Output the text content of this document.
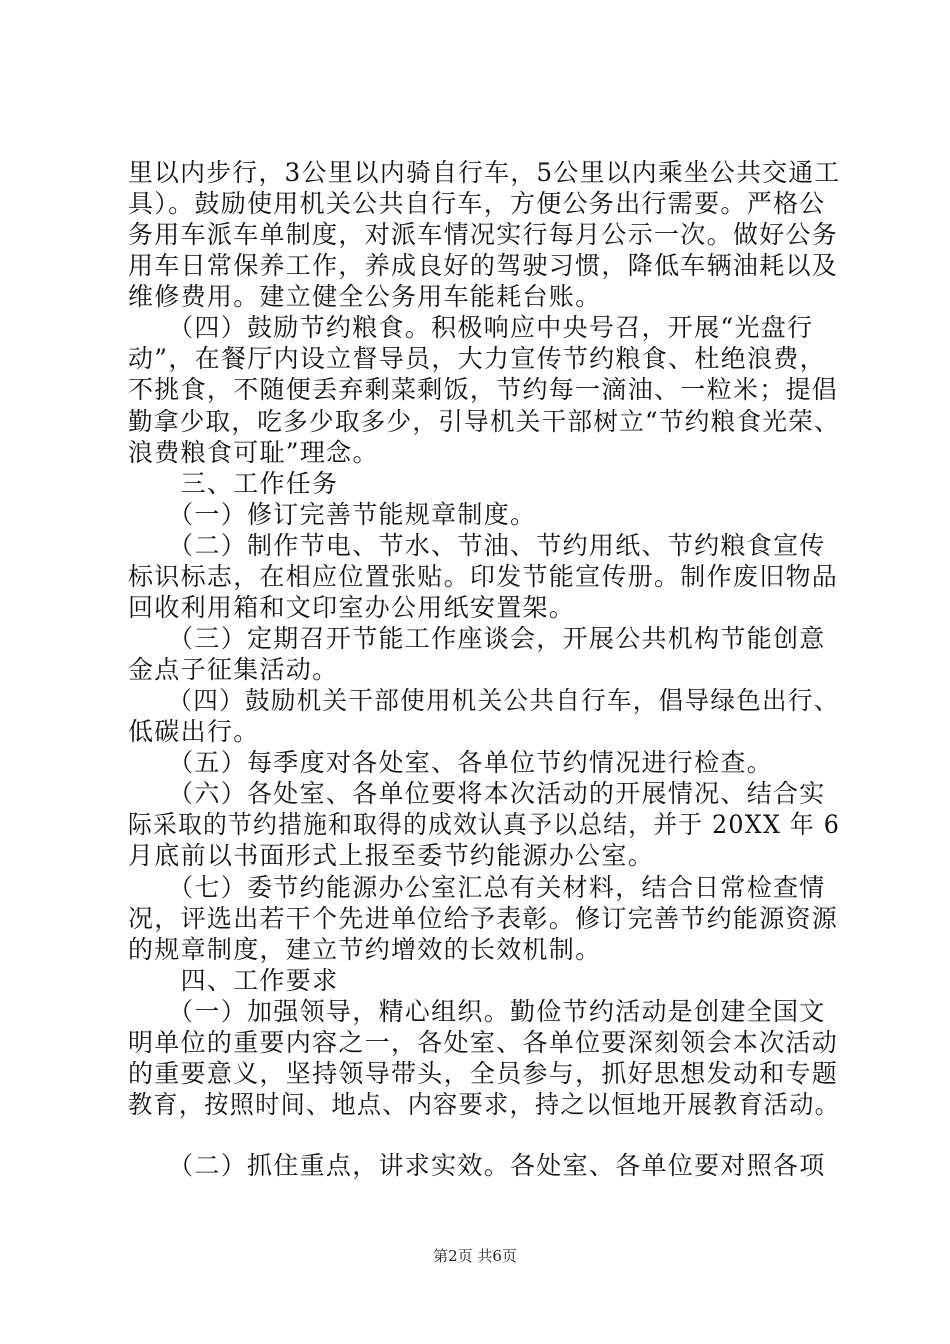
里以内步行，3公里以内骑自行车，5公里以内乘坐公共交通工
具）。鼓励使用机关公共自行车，方便公务出行需要。严格公
务用车派车单制度，对派车情况实行每月公示一次。做好公务
用车日常保养工作，养成良好的驾驶习惯，降低车辆油耗以及
维修费用。建立健全公务用车能耗台账。
　　（四）鼓励节约粮食。积极响应中央号召，开展“光盘行
动”，在餐厅内设立督导员，大力宣传节约粮食、杜绝浪费，
不挑食，不随便丢弃剩菜剩饭，节约每一滴油、一粒米；提倡
勤拿少取，吃多少取多少，引导机关干部树立“节约粮食光荣、
浪费粮食可耻”理念。
　　三、工作任务
　　（一）修订完善节能规章制度。
　　（二）制作节电、节水、节油、节约用纸、节约粮食宣传
标识标志，在相应位置张贴。印发节能宣传册。制作废旧物品
回收利用箱和文印室办公用纸安置架。
　　（三）定期召开节能工作座谈会，开展公共机构节能创意
金点子征集活动。
　　（四）鼓励机关干部使用机关公共自行车，倡导绿色出行、
低碳出行。
　　（五）每季度对各处室、各单位节约情况进行检查。
　　（六）各处室、各单位要将本次活动的开展情况、结合实
际采取的节约措施和取得的成效认真予以总结，并于 20XX 年 6
月底前以书面形式上报至委节约能源办公室。
　　（七）委节约能源办公室汇总有关材料，结合日常检查情
况，评选出若干个先进单位给予表彰。修订完善节约能源资源
的规章制度，建立节约增效的长效机制。
　　四、工作要求
　　（一）加强领导，精心组织。勤俭节约活动是创建全国文
明单位的重要内容之一，各处室、各单位要深刻领会本次活动
的重要意义，坚持领导带头，全员参与，抓好思想发动和专题
教育，按照时间、地点、内容要求，持之以恒地开展教育活动。
　　（二）抓住重点，讲求实效。各处室、各单位要对照各项
第2页 共6页
